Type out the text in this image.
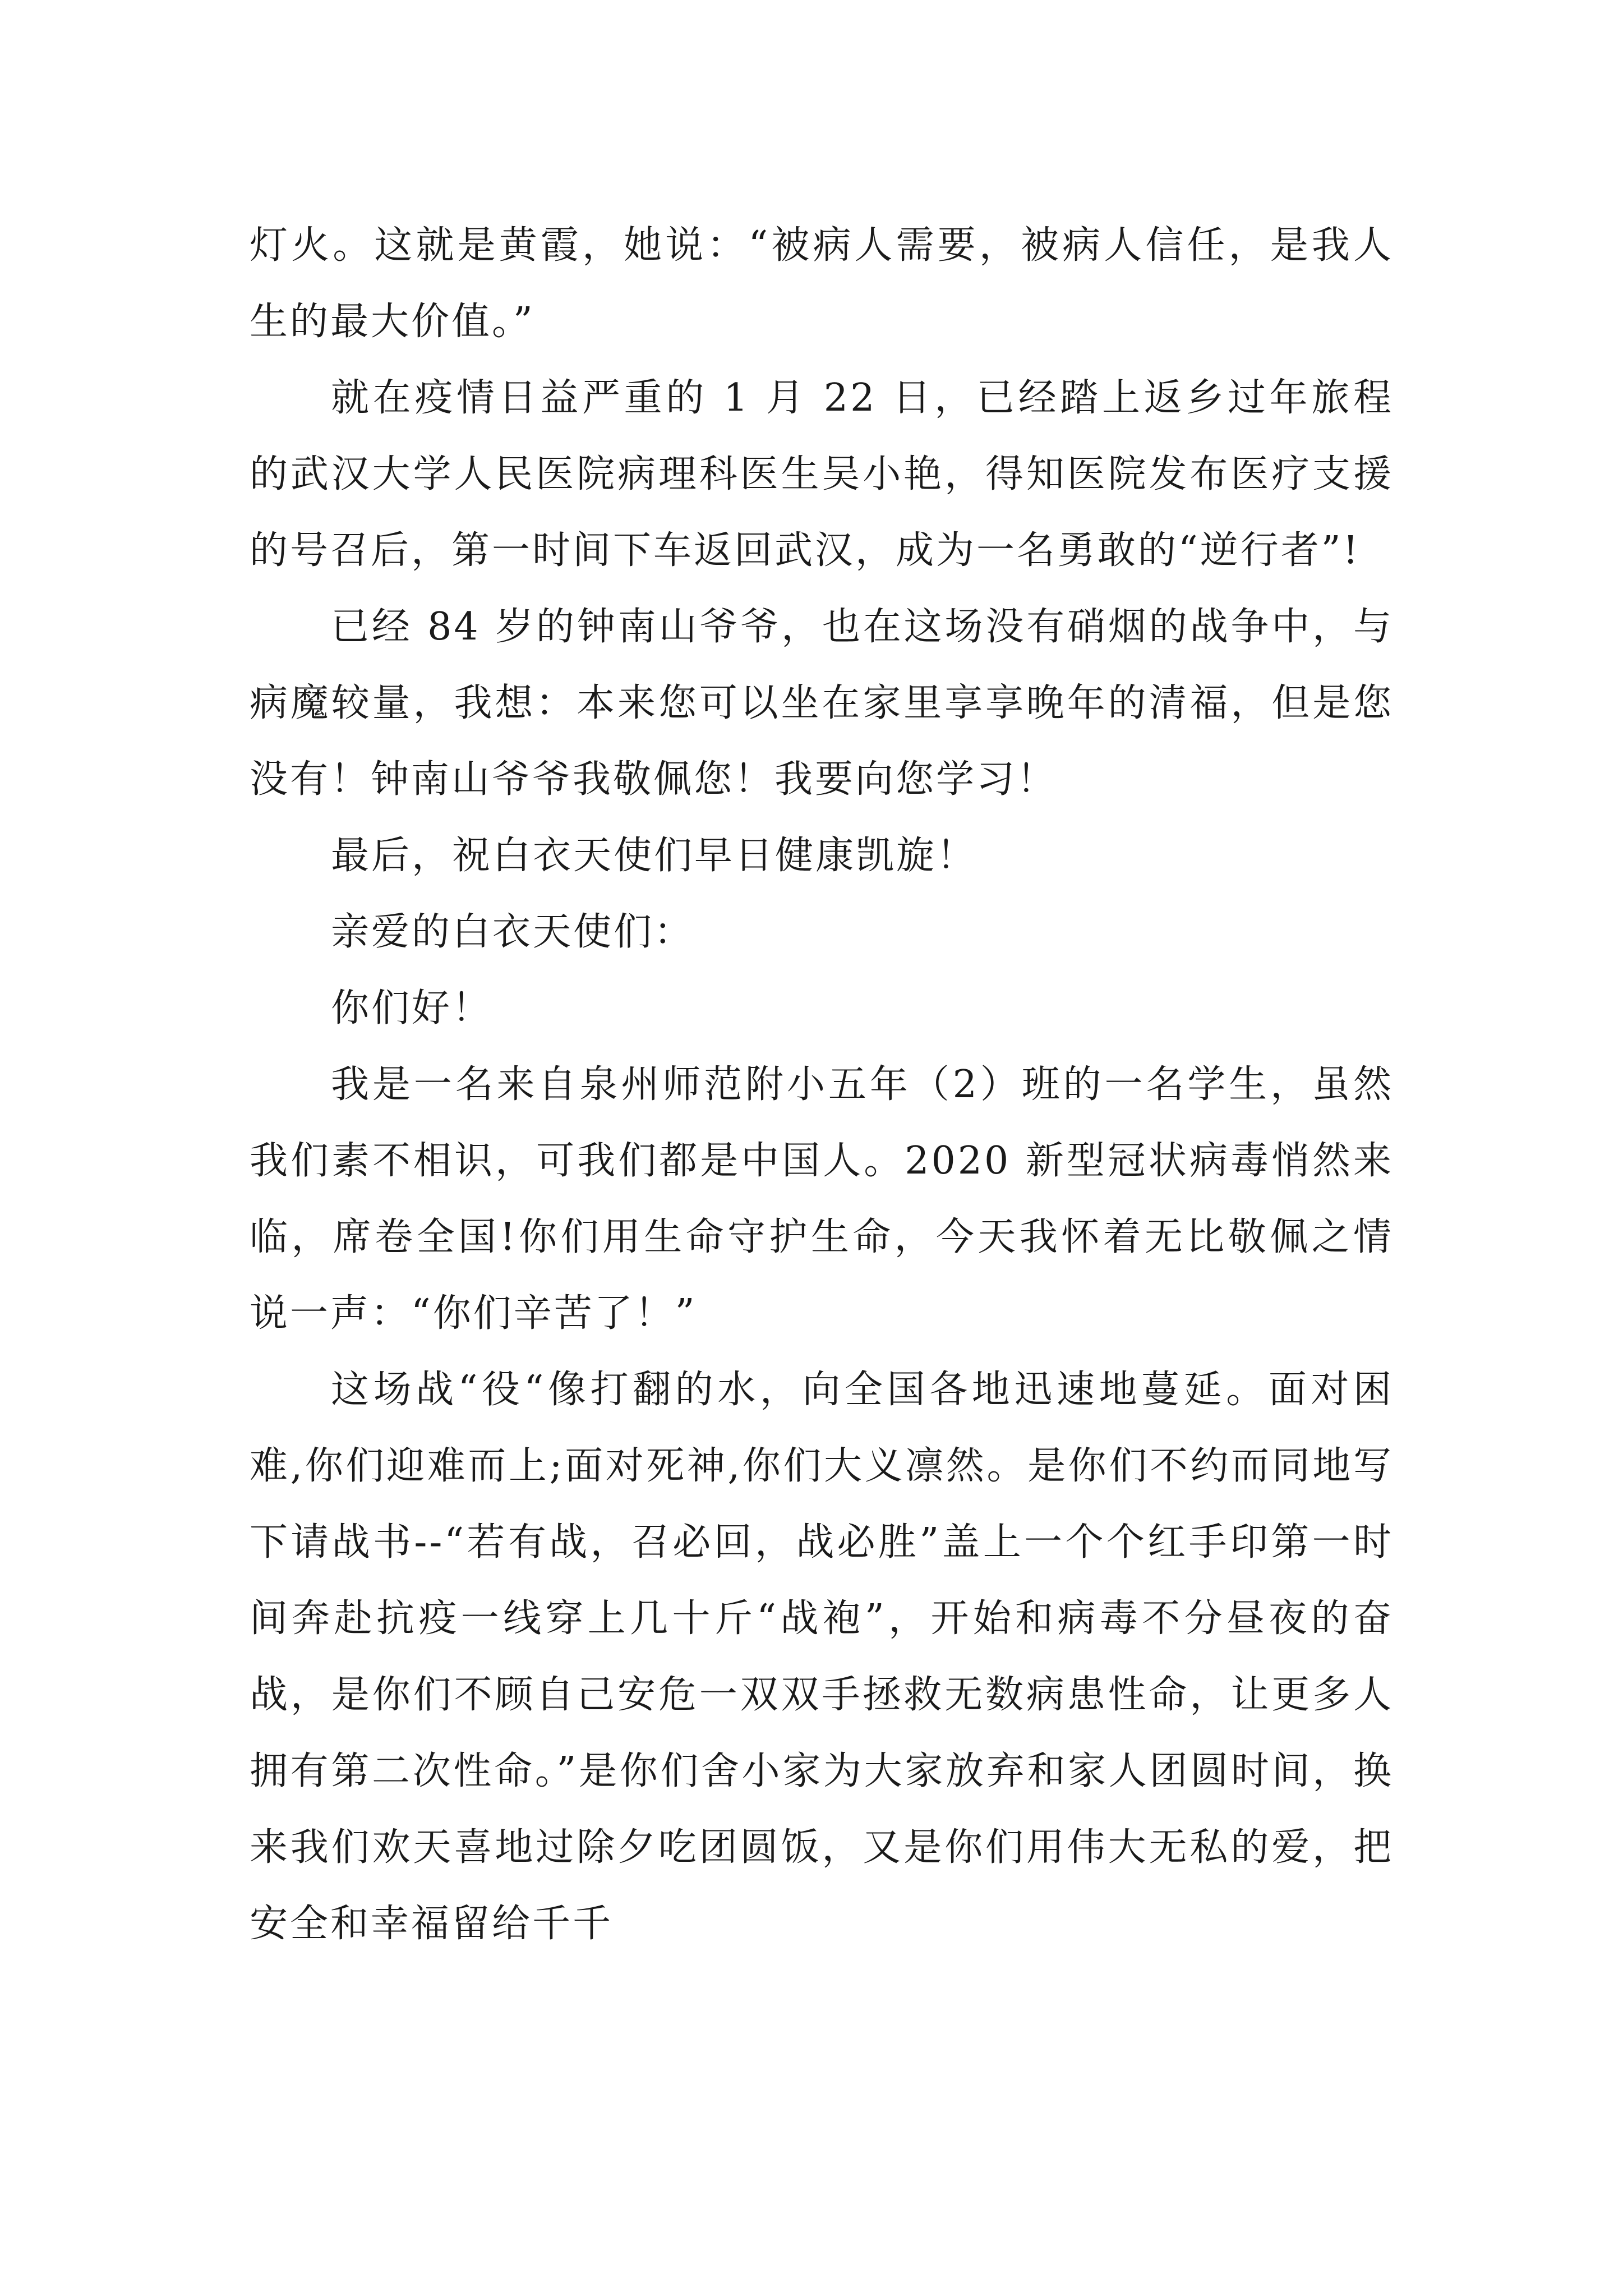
灯火。这就是黄霞，她说：“被病人需要，被病人信任，是我人生的最大价值。”

就在疫情日益严重的 1 月 22 日，已经踏上返乡过年旅程的武汉大学人民医院病理科医生吴小艳，得知医院发布医疗支援的号召后，第一时间下车返回武汉，成为一名勇敢的“逆行者”!

已经 84 岁的钟南山爷爷，也在这场没有硝烟的战争中，与病魔较量，我想：本来您可以坐在家里享享晚年的清福，但是您没有！钟南山爷爷我敬佩您！我要向您学习！

最后，祝白衣天使们早日健康凯旋！

亲爱的白衣天使们：

你们好！

我是一名来自泉州师范附小五年（2）班的一名学生，虽然我们素不相识，可我们都是中国人。2020 新型冠状病毒悄然来临，席卷全国!你们用生命守护生命，今天我怀着无比敬佩之情说一声：“你们辛苦了！”

这场战“役“像打翻的水，向全国各地迅速地蔓延。面对困难,你们迎难而上;面对死神,你们大义凛然。是你们不约而同地写下请战书--“若有战，召必回，战必胜”盖上一个个红手印第一时间奔赴抗疫一线穿上几十斤“战袍”，开始和病毒不分昼夜的奋战，是你们不顾自己安危一双双手拯救无数病患性命，让更多人拥有第二次性命。”是你们舍小家为大家放弃和家人团圆时间，换来我们欢天喜地过除夕吃团圆饭，又是你们用伟大无私的爱，把安全和幸福留给千千
